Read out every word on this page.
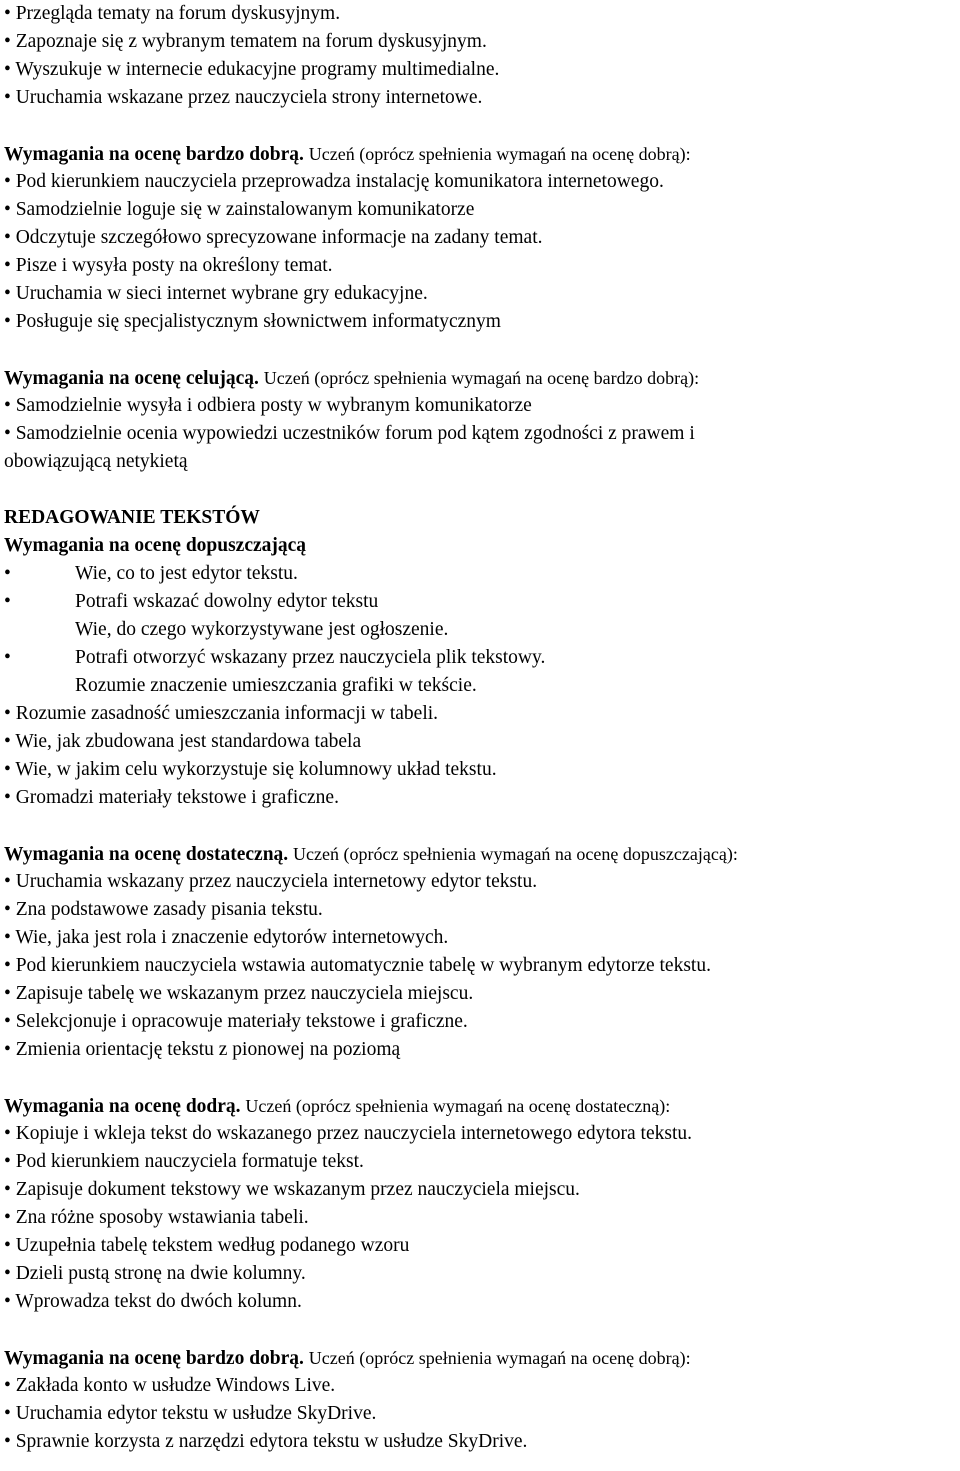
• Przegląda tematy na forum dyskusyjnym.
• Zapoznaje się z wybranym tematem na forum dyskusyjnym.
• Wyszukuje w internecie edukacyjne programy multimedialne.
• Uruchamia wskazane przez nauczyciela strony internetowe.
Wymagania na ocenę bardzo dobrą. Uczeń (oprócz spełnienia wymagań na ocenę dobrą):
• Pod kierunkiem nauczyciela przeprowadza instalację komunikatora internetowego.
• Samodzielnie loguje się w zainstalowanym komunikatorze
• Odczytuje szczegółowo sprecyzowane informacje na zadany temat.
• Pisze i wysyła posty na określony temat.
• Uruchamia w sieci internet wybrane gry edukacyjne.
• Posługuje się specjalistycznym słownictwem informatycznym
Wymagania na ocenę celującą. Uczeń (oprócz spełnienia wymagań na ocenę bardzo dobrą):
• Samodzielnie wysyła i odbiera posty w wybranym komunikatorze
• Samodzielnie ocenia wypowiedzi uczestników forum pod kątem zgodności z prawem i
obowiązującą netykietą
REDAGOWANIE TEKSTÓW
Wymagania na ocenę dopuszczającą
•	Wie, co to jest edytor tekstu.
•	Potrafi wskazać dowolny edytor tekstu
Wie, do czego wykorzystywane jest ogłoszenie.
•	Potrafi otworzyć wskazany przez nauczyciela plik tekstowy.
Rozumie znaczenie umieszczania grafiki w tekście.
• Rozumie zasadność umieszczania informacji w tabeli.
• Wie, jak zbudowana jest standardowa tabela
• Wie, w jakim celu wykorzystuje się kolumnowy układ tekstu.
• Gromadzi materiały tekstowe i graficzne.
Wymagania na ocenę dostateczną. Uczeń (oprócz spełnienia wymagań na ocenę dopuszczającą):
• Uruchamia wskazany przez nauczyciela internetowy edytor tekstu.
• Zna podstawowe zasady pisania tekstu.
• Wie, jaka jest rola i znaczenie edytorów internetowych.
• Pod kierunkiem nauczyciela wstawia automatycznie tabelę w wybranym edytorze tekstu.
• Zapisuje tabelę we wskazanym przez nauczyciela miejscu.
• Selekcjonuje i opracowuje materiały tekstowe i graficzne.
• Zmienia orientację tekstu z pionowej na poziomą
Wymagania na ocenę dodrą. Uczeń (oprócz spełnienia wymagań na ocenę dostateczną):
• Kopiuje i wkleja tekst do wskazanego przez nauczyciela internetowego edytora tekstu.
• Pod kierunkiem nauczyciela formatuje tekst.
• Zapisuje dokument tekstowy we wskazanym przez nauczyciela miejscu.
• Zna różne sposoby wstawiania tabeli.
• Uzupełnia tabelę tekstem według podanego wzoru
• Dzieli pustą stronę na dwie kolumny.
• Wprowadza tekst do dwóch kolumn.
Wymagania na ocenę bardzo dobrą. Uczeń (oprócz spełnienia wymagań na ocenę dobrą):
• Zakłada konto w usłudze Windows Live.
• Uruchamia edytor tekstu w usłudze SkyDrive.
• Sprawnie korzysta z narzędzi edytora tekstu w usłudze SkyDrive.
